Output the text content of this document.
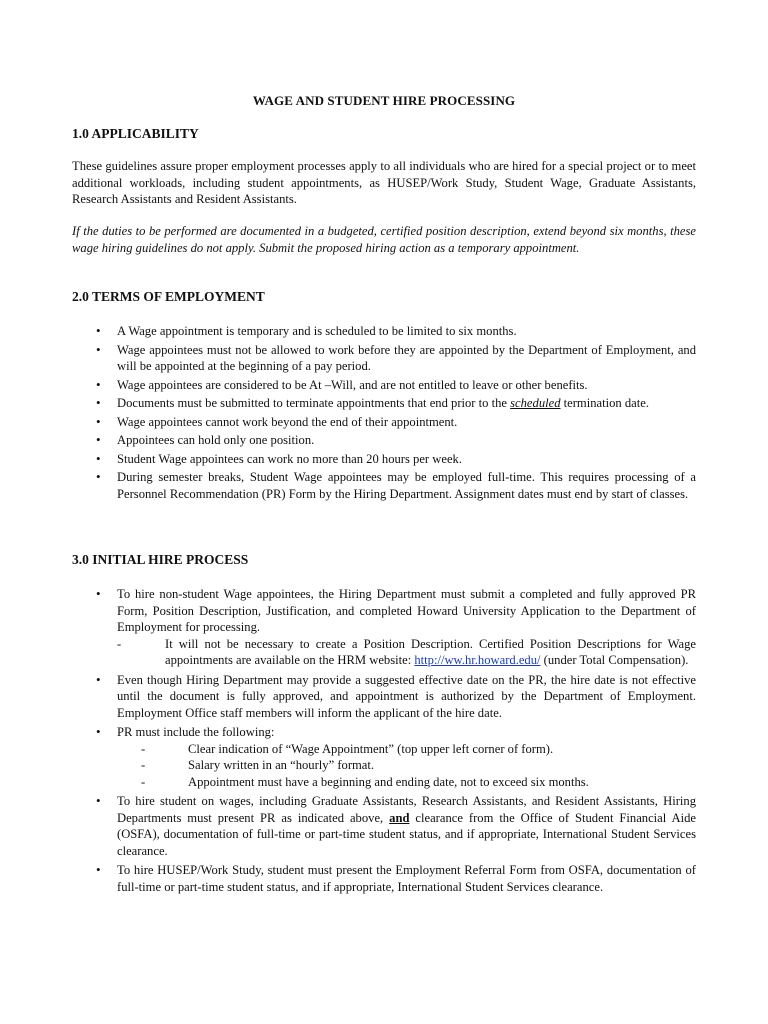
WAGE AND STUDENT HIRE PROCESSING
1.0 APPLICABILITY
These guidelines assure proper employment processes apply to all individuals who are hired for a special project or to meet additional workloads, including student appointments, as HUSEP/Work Study, Student Wage, Graduate Assistants, Research Assistants and Resident Assistants.
If the duties to be performed are documented in a budgeted, certified position description, extend beyond six months, these wage hiring guidelines do not apply. Submit the proposed hiring action as a temporary appointment.
2.0 TERMS OF EMPLOYMENT
• A Wage appointment is temporary and is scheduled to be limited to six months.
• Wage appointees must not be allowed to work before they are appointed by the Department of Employment, and will be appointed at the beginning of a pay period.
• Wage appointees are considered to be At –Will, and are not entitled to leave or other benefits.
• Documents must be submitted to terminate appointments that end prior to the scheduled termination date.
• Wage appointees cannot work beyond the end of their appointment.
• Appointees can hold only one position.
• Student Wage appointees can work no more than 20 hours per week.
• During semester breaks, Student Wage appointees may be employed full-time. This requires processing of a Personnel Recommendation (PR) Form by the Hiring Department. Assignment dates must end by start of classes.
3.0 INITIAL HIRE PROCESS
• To hire non-student Wage appointees, the Hiring Department must submit a completed and fully approved PR Form, Position Description, Justification, and completed Howard University Application to the Department of Employment for processing.
-	It will not be necessary to create a Position Description. Certified Position Descriptions for Wage appointments are available on the HRM website: http://ww.hr.howard.edu/ (under Total Compensation).
• Even though Hiring Department may provide a suggested effective date on the PR, the hire date is not effective until the document is fully approved, and appointment is authorized by the Department of Employment. Employment Office staff members will inform the applicant of the hire date.
• PR must include the following:
-	Clear indication of “Wage Appointment” (top upper left corner of form).
-	Salary written in an “hourly” format.
-	Appointment must have a beginning and ending date, not to exceed six months.
• To hire student on wages, including Graduate Assistants, Research Assistants, and Resident Assistants, Hiring Departments must present PR as indicated above, and clearance from the Office of Student Financial Aide (OSFA), documentation of full-time or part-time student status, and if appropriate, International Student Services clearance.
• To hire HUSEP/Work Study, student must present the Employment Referral Form from OSFA, documentation of full-time or part-time student status, and if appropriate, International Student Services clearance.
